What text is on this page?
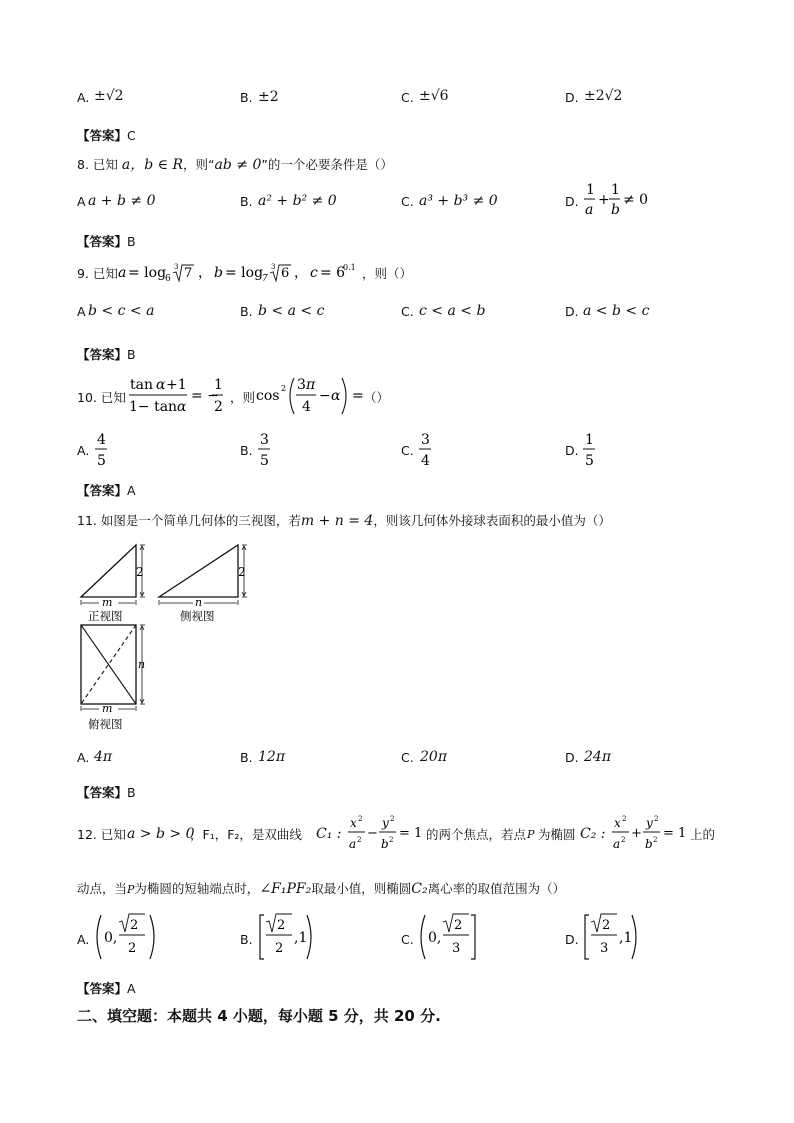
A. ±√2	B. ±2	C. ±√6	D. ±2√2
【答案】C
8. 已知 a，b ∈ R，则“ab ≠ 0”的一个必要条件是（）
A a + b ≠ 0	B. a² + b² ≠ 0	C. a³ + b³ ≠ 0	D.
1
a
+
1
b
≠ 0
【答案】B
9. 已知 a = log
6
3 7 ， b = log
7
3 6 ， c = 6
0.1 ，则（）
A b < c < a	B. b < a < c	C. c < a < b	D. a < b < c
【答案】B
10. 已知
tan α +1
1− tan α
= −
1
2
，则 cos 2 3 π
4
− α = （）
A.
4
5
B.
3
5
C.
3
4
D.
1
5
【答案】A
11. 如图是一个简单几何体的三视图，若m + n = 4，则该几何体外接球表面积的最小值为（）
2
m
正视图
2
n
侧视图
n
m
俯视图
A. 4π	B. 12π	C. 20π	D. 24π
【答案】B
12. 已知 a > b > 0
，F₁，F₂，是双曲线 C₁ :
x 2
a 2 −
y 2
b 2 = 1 的两个焦点，若点 P 为椭圆 C₂ :
x 2
a 2 +
y 2
b 2 = 1 上的
动点，当P为椭圆的短轴端点时，∠F₁PF₂取最小值，则椭圆C₂离心率的取值范围为（）
A. 0,
2
2
B.
2
2
,1	C. 0,
2
3
D.
2
3
,1
【答案】A
二、填空题：本题共 4 小题，每小题 5 分，共 20 分.
